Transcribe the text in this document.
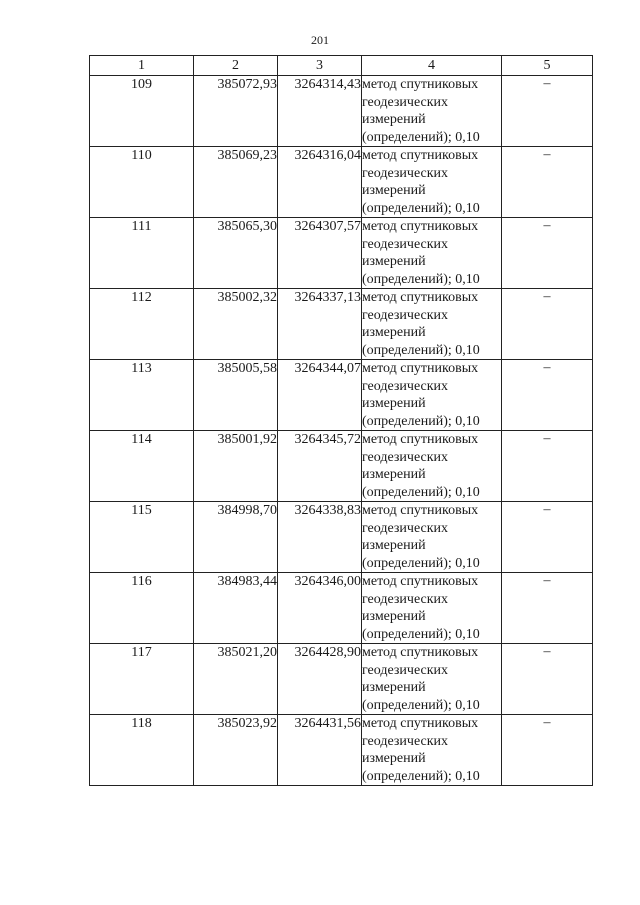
201
1	2	3	4	5
109	385072,93	3264314,43	метод спутниковых
геодезических
измерений
(определений); 0,10	–
110	385069,23	3264316,04	метод спутниковых
геодезических
измерений
(определений); 0,10	–
111	385065,30	3264307,57	метод спутниковых
геодезических
измерений
(определений); 0,10	–
112	385002,32	3264337,13	метод спутниковых
геодезических
измерений
(определений); 0,10	–
113	385005,58	3264344,07	метод спутниковых
геодезических
измерений
(определений); 0,10	–
114	385001,92	3264345,72	метод спутниковых
геодезических
измерений
(определений); 0,10	–
115	384998,70	3264338,83	метод спутниковых
геодезических
измерений
(определений); 0,10	–
116	384983,44	3264346,00	метод спутниковых
геодезических
измерений
(определений); 0,10	–
117	385021,20	3264428,90	метод спутниковых
геодезических
измерений
(определений); 0,10	–
118	385023,92	3264431,56	метод спутниковых
геодезических
измерений
(определений); 0,10	–
